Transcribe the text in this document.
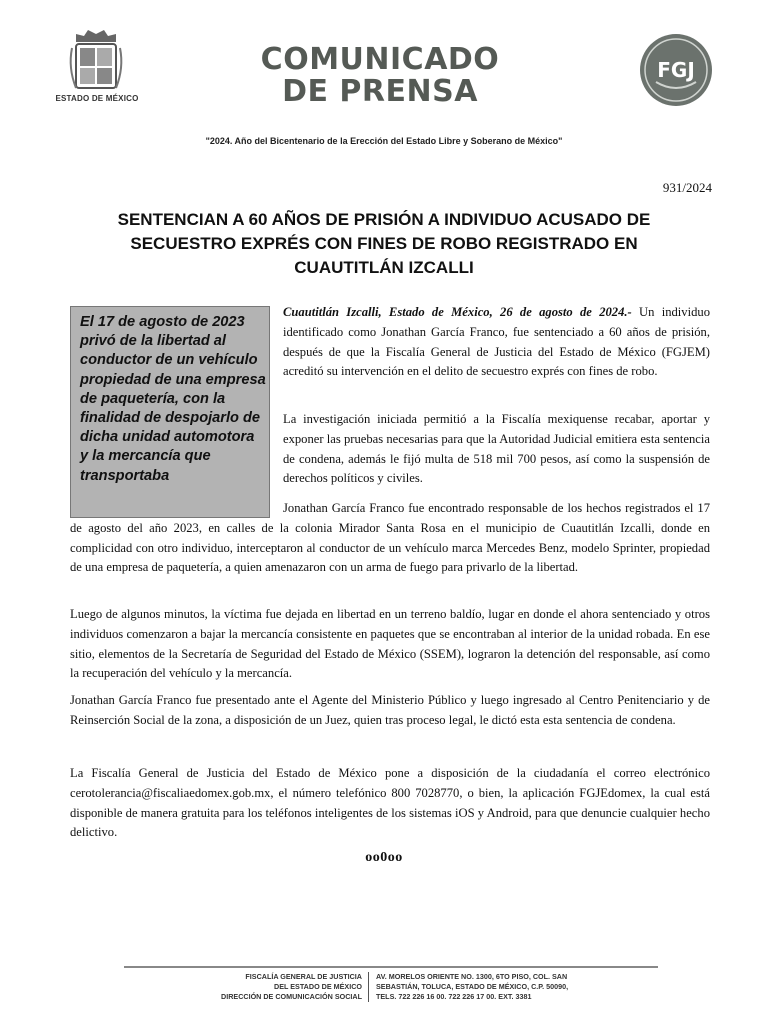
ESTADO DE MÉXICO
COMUNICADO
DE PRENSA
FGJ
"2024. Año del Bicentenario de la Erección del Estado Libre y Soberano de México"
931/2024
SENTENCIAN A 60 AÑOS DE PRISIÓN A INDIVIDUO ACUSADO DE SECUESTRO EXPRÉS CON FINES DE ROBO REGISTRADO EN CUAUTITLÁN IZCALLI
El 17 de agosto de 2023 privó de la libertad al conductor de un vehículo propiedad de una empresa de paquetería, con la finalidad de despojarlo de dicha unidad automotora y la mercancía que transportaba
Cuautitlán Izcalli, Estado de México, 26 de agosto de 2024.- Un individuo identificado como Jonathan García Franco, fue sentenciado a 60 años de prisión, después de que la Fiscalía General de Justicia del Estado de México (FGJEM) acreditó su intervención en el delito de secuestro exprés con fines de robo.
La investigación iniciada permitió a la Fiscalía mexiquense recabar, aportar y exponer las pruebas necesarias para que la Autoridad Judicial emitiera esta sentencia de condena, además le fijó multa de 518 mil 700 pesos, así como la suspensión de derechos políticos y civiles.
Jonathan García Franco fue encontrado responsable de los hechos registrados el 17 de agosto del año 2023, en calles de la colonia Mirador Santa Rosa en el municipio de Cuautitlán Izcalli, donde en complicidad con otro individuo, interceptaron al conductor de un vehículo marca Mercedes Benz, modelo Sprinter, propiedad de una empresa de paquetería, a quien amenazaron con un arma de fuego para privarlo de la libertad.
Luego de algunos minutos, la víctima fue dejada en libertad en un terreno baldío, lugar en donde el ahora sentenciado y otros individuos comenzaron a bajar la mercancía consistente en paquetes que se encontraban al interior de la unidad robada. En ese sitio, elementos de la Secretaría de Seguridad del Estado de México (SSEM), lograron la detención del responsable, así como la recuperación del vehículo y la mercancía.
Jonathan García Franco fue presentado ante el Agente del Ministerio Público y luego ingresado al Centro Penitenciario y de Reinserción Social de la zona, a disposición de un Juez, quien tras proceso legal, le dictó esta esta sentencia de condena.
La Fiscalía General de Justicia del Estado de México pone a disposición de la ciudadanía el correo electrónico cerotolerancia@fiscaliaedomex.gob.mx, el número telefónico 800 7028770, o bien, la aplicación FGJEdomex, la cual está disponible de manera gratuita para los teléfonos inteligentes de los sistemas iOS y Android, para que denuncie cualquier hecho delictivo.
oo0oo
FISCALÍA GENERAL DE JUSTICIA
DEL ESTADO DE MÉXICO
DIRECCIÓN DE COMUNICACIÓN SOCIAL
AV. MORELOS ORIENTE NO. 1300, 6TO PISO, COL. SAN
SEBASTIÁN, TOLUCA, ESTADO DE MÉXICO, C.P. 50090,
TELS. 722 226 16 00. 722 226 17 00. EXT. 3381
